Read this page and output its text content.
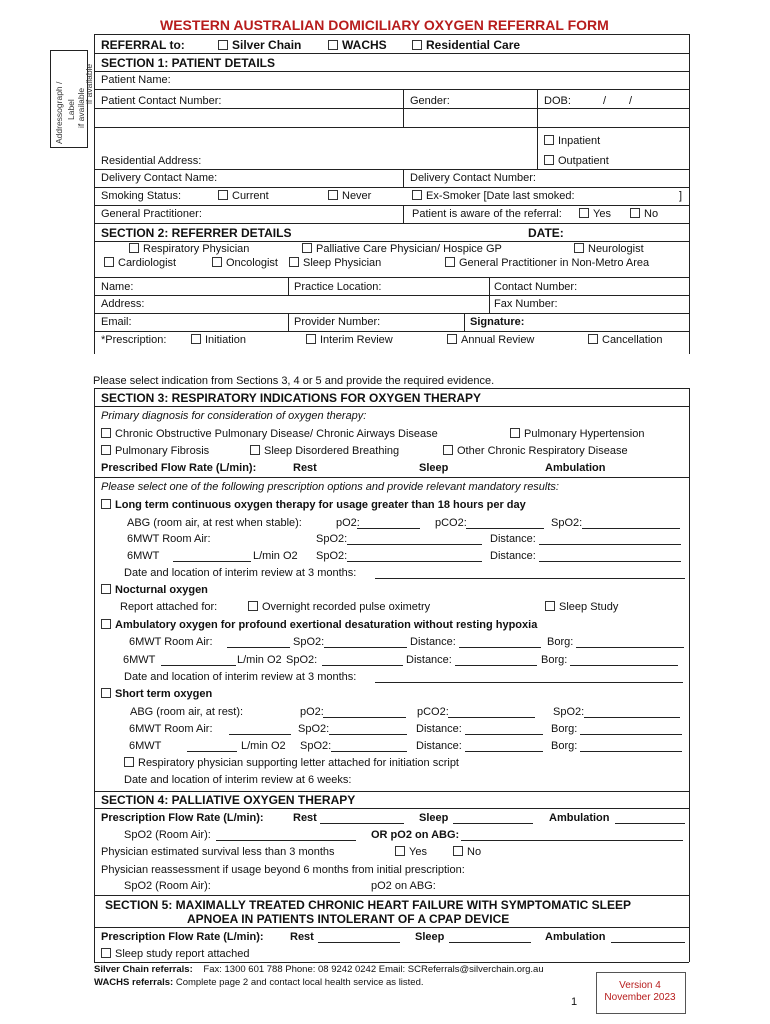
Addressograph / Label if available
if available
WESTERN AUSTRALIAN DOMICILIARY OXYGEN REFERRAL FORM
REFERRAL to:	Silver Chain	WACHS	Residential Care
SECTION 1: PATIENT DETAILS
Patient Name:
Patient Contact Number:	Gender:	DOB:	/ /
Inpatient
Residential Address:	Outpatient
Delivery Contact Name:	Delivery Contact Number:
Smoking Status:	Current	Never	Ex-Smoker [Date last smoked:	]
General Practitioner:	Patient is aware of the referral:	Yes	No
SECTION 2: REFERRER DETAILS	DATE:
Respiratory Physician	Palliative Care Physician/ Hospice GP	Neurologist
Cardiologist	Oncologist	Sleep Physician	General Practitioner in Non-Metro Area
Name:	Practice Location:	Contact Number:
Address:	Fax Number:
Email:	Provider Number:	Signature:
*Prescription:	Initiation	Interim Review	Annual Review	Cancellation
Please select indication from Sections 3, 4 or 5 and provide the required evidence.
SECTION 3: RESPIRATORY INDICATIONS FOR OXYGEN THERAPY
Primary diagnosis for consideration of oxygen therapy:
Chronic Obstructive Pulmonary Disease/ Chronic Airways Disease	Pulmonary Hypertension
Pulmonary Fibrosis	Sleep Disordered Breathing	Other Chronic Respiratory Disease
Prescribed Flow Rate (L/min):	Rest	Sleep	Ambulation
Please select one of the following prescription options and provide relevant mandatory results:
Long term continuous oxygen therapy for usage greater than 18 hours per day
ABG (room air, at rest when stable):	pO2:	pCO2:	SpO2:
6MWT Room Air:	SpO2:	Distance:
6MWT	L/min O2 SpO2:	Distance:
Date and location of interim review at 3 months:
Nocturnal oxygen
Report attached for:	Overnight recorded pulse oximetry	Sleep Study
Ambulatory oxygen for profound exertional desaturation without resting hypoxia
6MWT Room Air:	SpO2:	Distance:	Borg:
6MWT	L/min O2 SpO2:	Distance:	Borg:
Date and location of interim review at 3 months:
Short term oxygen
ABG (room air, at rest):	pO2:	pCO2:	SpO2:
6MWT Room Air:	SpO2:	Distance:	Borg:
6MWT	L/min O2 SpO2:	Distance:	Borg:
Respiratory physician supporting letter attached for initiation script
Date and location of interim review at 6 weeks:
SECTION 4: PALLIATIVE OXYGEN THERAPY
Prescription Flow Rate (L/min):	Rest	Sleep	Ambulation
SpO2 (Room Air):	OR pO2 on ABG:
Physician estimated survival less than 3 months	Yes	No
Physician reassessment if usage beyond 6 months from initial prescription:
SpO2 (Room Air):	pO2 on ABG:
SECTION 5: MAXIMALLY TREATED CHRONIC HEART FAILURE WITH SYMPTOMATIC SLEEP
APNOEA IN PATIENTS INTOLERANT OF A CPAP DEVICE
Prescription Flow Rate (L/min): Rest	Sleep	Ambulation
Sleep study report attached
Silver Chain referrals: Fax: 1300 601 788 Phone: 08 9242 0242 Email: SCReferrals@silverchain.org.au
WACHS referrals: Complete page 2 and contact local health service as listed.
1
Version 4
November 2023
